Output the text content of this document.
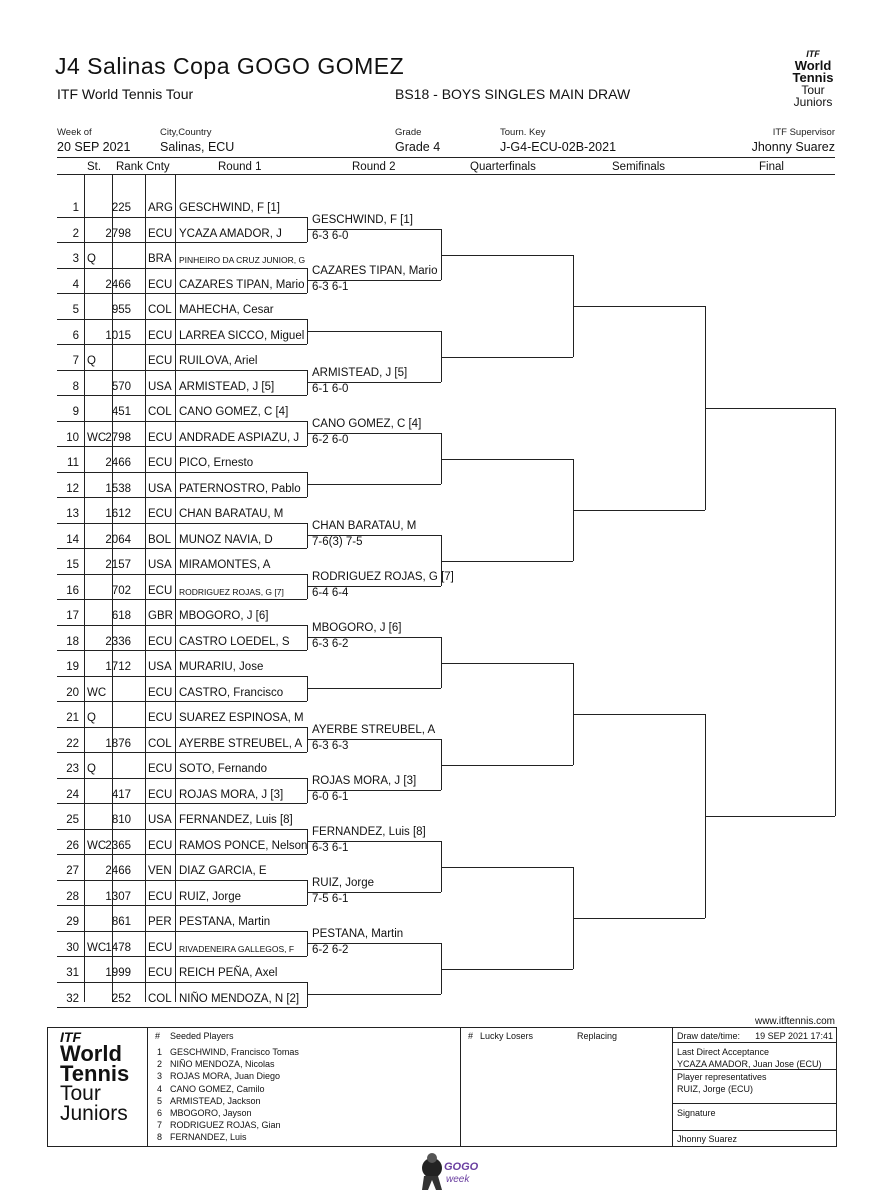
J4 Salinas Copa GOGO GOMEZ
ITF World Tennis Tour	BS18 - BOYS SINGLES MAIN DRAW
ITF
World
Tennis
Tour
Juniors
Week of
20 SEP 2021
City,Country
Salinas, ECU
Grade
Grade 4
Tourn. Key
J-G4-ECU-02B-2021
ITF Supervisor
Jhonny Suarez
St. Rank Cnty	Round 1	Round 2	Quarterfinals	Semifinals	Final
1	225 ARG GESCHWIND, F [1]
2 2798 ECU YCAZA AMADOR, J
3 Q	BRA PINHEIRO DA CRUZ JUNIOR, G
4 2466 ECU CAZARES TIPAN, Mario
5	955 COL MAHECHA, Cesar
6 1015 ECU LARREA SICCO, Miguel
7 Q	ECU RUILOVA, Ariel
8	570 USA ARMISTEAD, J [5]
9	451 COL CANO GOMEZ, C [4]
10 WC 2798 ECU ANDRADE ASPIAZU, J
11 2466 ECU PICO, Ernesto
12 1538 USA PATERNOSTRO, Pablo
13 1612 ECU CHAN BARATAU, M
14 2064 BOL MUNOZ NAVIA, D
15 2157 USA MIRAMONTES, A
16	702 ECU RODRIGUEZ ROJAS, G [7]
17	618 GBR MBOGORO, J [6]
18 2336 ECU CASTRO LOEDEL, S
19 1712 USA MURARIU, Jose
20 WC	ECU CASTRO, Francisco
21 Q	ECU SUAREZ ESPINOSA, M
22 1876 COL AYERBE STREUBEL, A
23 Q	ECU SOTO, Fernando
24	417 ECU ROJAS MORA, J [3]
25	810 USA FERNANDEZ, Luis [8]
26 WC 2365 ECU RAMOS PONCE, Nelson
27 2466 VEN DIAZ GARCIA, E
28 1307 ECU RUIZ, Jorge
29	861 PER PESTANA, Martin
30 WC 1478 ECU RIVADENEIRA GALLEGOS, F
31 1999 ECU REICH PEÑA, Axel
32	252 COL NIÑO MENDOZA, N [2]
GESCHWIND, F [1]
6-3 6-0
CAZARES TIPAN, Mario
6-3 6-1
ARMISTEAD, J [5]
6-1 6-0
CANO GOMEZ, C [4]
6-2 6-0
CHAN BARATAU, M
7-6(3) 7-5
RODRIGUEZ ROJAS, G [7]
6-4 6-4
MBOGORO, J [6]
6-3 6-2
AYERBE STREUBEL, A
6-3 6-3
ROJAS MORA, J [3]
6-0 6-1
FERNANDEZ, Luis [8]
6-3 6-1
RUIZ, Jorge
7-5 6-1
PESTANA, Martin
6-2 6-2
www.itftennis.com
ITF
World
Tennis
Tour
Juniors
# Seeded Players
1 GESCHWIND, Francisco Tomas
2 NIÑO MENDOZA, Nicolas
3 ROJAS MORA, Juan Diego
4 CANO GOMEZ, Camilo
5 ARMISTEAD, Jackson
6 MBOGORO, Jayson
7 RODRIGUEZ ROJAS, Gian
8 FERNANDEZ, Luis
# Lucky Losers	Replacing	Draw date/time: 19 SEP 2021 17:41
Last Direct Acceptance
YCAZA AMADOR, Juan Jose (ECU)
Player representatives
RUIZ, Jorge (ECU)
Signature
Jhonny Suarez
GOGO
week
